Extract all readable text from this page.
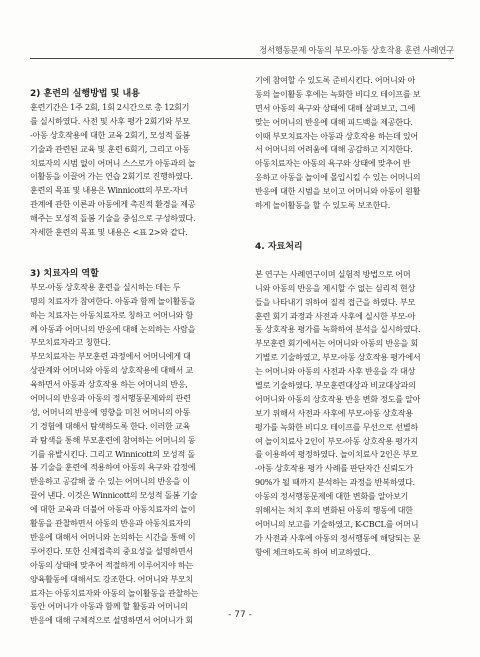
정서행동문제 아동의 부모-아동 상호작용 훈련 사례연구
2) 훈련의 실행방법 및 내용
훈련기간은 1주 2회, 1회 2시간으로 총 12회기
를 실시하였다. 사전 및 사후 평가 2회기와 부모
-아동 상호작용에 대한 교육 2회기, 모성적 돌봄
기술과 관련된 교육 및 훈련 6회기, 그리고 아동
치료자의 시범 없이 어머니 스스로가 아동과의 놀
이활동을 이끌어 가는 연습 2회기로 진행하였다.
훈련의 목표 및 내용은 Winnicott의 부모-자녀
관계에 관한 이론과 아동에게 촉진적 환경을 제공
해주는 모성적 돌봄 기술을 중심으로 구성하였다.
자세한 훈련의 목표 및 내용은 <표 2>와 같다.
3) 치료자의 역할
부모-아동 상호작용 훈련을 실시하는 데는 두
명의 치료자가 참여한다. 아동과 함께 놀이활동을
하는 치료자는 아동치료자로 칭하고 어머니와 함
께 아동과 어머니의 반응에 대해 논의하는 사람을
부모치료자라고 칭한다.
부모치료자는 부모훈련 과정에서 어머니에게 대
상관계와 어머니와 아동의 상호작용에 대해서 교
육하면서 아동과 상호작용 하는 어머니의 반응,
어머니의 반응과 아동의 정서행동문제와의 관련
성, 어머니의 반응에 영향을 미친 어머니의 아동
기 경험에 대해서 탐색하도록 한다. 이러한 교육
과 탐색을 통해 부모훈련에 참여하는 어머니의 동
기를 유발시킨다. 그리고 Winnicott의 모성적 돌
봄 기술을 훈련에 적용하여 아동의 욕구와 감정에
반응하고 공감해 줄 수 있는 어머니의 반응을 이
끌어 낸다. 이것은 Winnicott의 모성적 돌봄 기술
에 대한 교육과 더불어 아동과 아동치료자의 놀이
활동을 관찰하면서 아동의 반응과 아동치료자의
반응에 대해서 어머니와 논의하는 시간을 통해 이
루어진다. 또한 신체접촉의 중요성을 설명하면서
아동의 상태에 맞추어 적절하게 이루어지야 하는
양육활동에 대해서도 강조한다. 어머니와 부모치
료자는 아동치료자와 아동의 놀이활동을 관찰하는
동안 어머니가 아동과 함께 할 활동과 어머니의
반응에 대해 구체적으로 설명하면서 어머니가 회
기에 참여할 수 있도록 준비시킨다. 어머니와 아
동의 놀이활동 후에는 녹화한 비디오 테이프를 보
면서 아동의 욕구와 상태에 대해 살펴보고, 그에
맞는 어머니의 반응에 대해 피드백을 제공한다.
이때 부모치료자는 아동과 상호작용 하는데 있어
서 어머니의 어려움에 대해 공감하고 지지한다.
아동치료자는 아동의 욕구와 상태에 맞추어 반
응하고 아동을 놀이에 몰입시킬 수 있는 어머니의
반응에 대한 시범을 보이고 어머니와 아동이 원활
하게 놀이활동을 할 수 있도록 보조한다.
4. 자료처리
본 연구는 사례연구이며 실험적 방법으로 어머
니와 아동의 반응을 제시할 수 없는 심리적 현상
들을 나타내기 위하여 질적 접근을 하였다. 부모
훈련 회기 과정과 사전과 사후에 실시한 부모-아
동 상호작용 평가를 녹화하여 분석을 실시하였다.
부모훈련 회기에서는 어머니와 아동의 반응을 회
기별로 기술하였고, 부모-아동 상호작용 평가에서
는 어머니와 아동의 사전과 사후 반응을 각 대상
별로 기술하였다. 부모훈련대상과 비교대상과의
어머니와 아동의 상호작용 반응 변화 정도를 알아
보기 위해서 사전과 사후에 부모-아동 상호작용
평가를 녹화한 비디오 테이프를 무선으로 선별하
여 놀이치료사 2인이 부모-아동 상호작용 평가지
를 이용하여 평정하였다. 놀이치료사 2인은 부모
-아동 상호작용 평가 사례를 판단자간 신뢰도가
90%가 될 때까지 분석하는 과정을 반복하였다.
아동의 정서행동문제에 대한 변화를 알아보기
위해서는 처치 후의 변화된 아동의 행동에 대한
어머니의 보고를 기술하였고, K-CBCL를 어머니
가 사전과 사후에 아동의 정서행동에 해당되는 문
항에 체크하도록 하여 비교하였다.
- 77 -
